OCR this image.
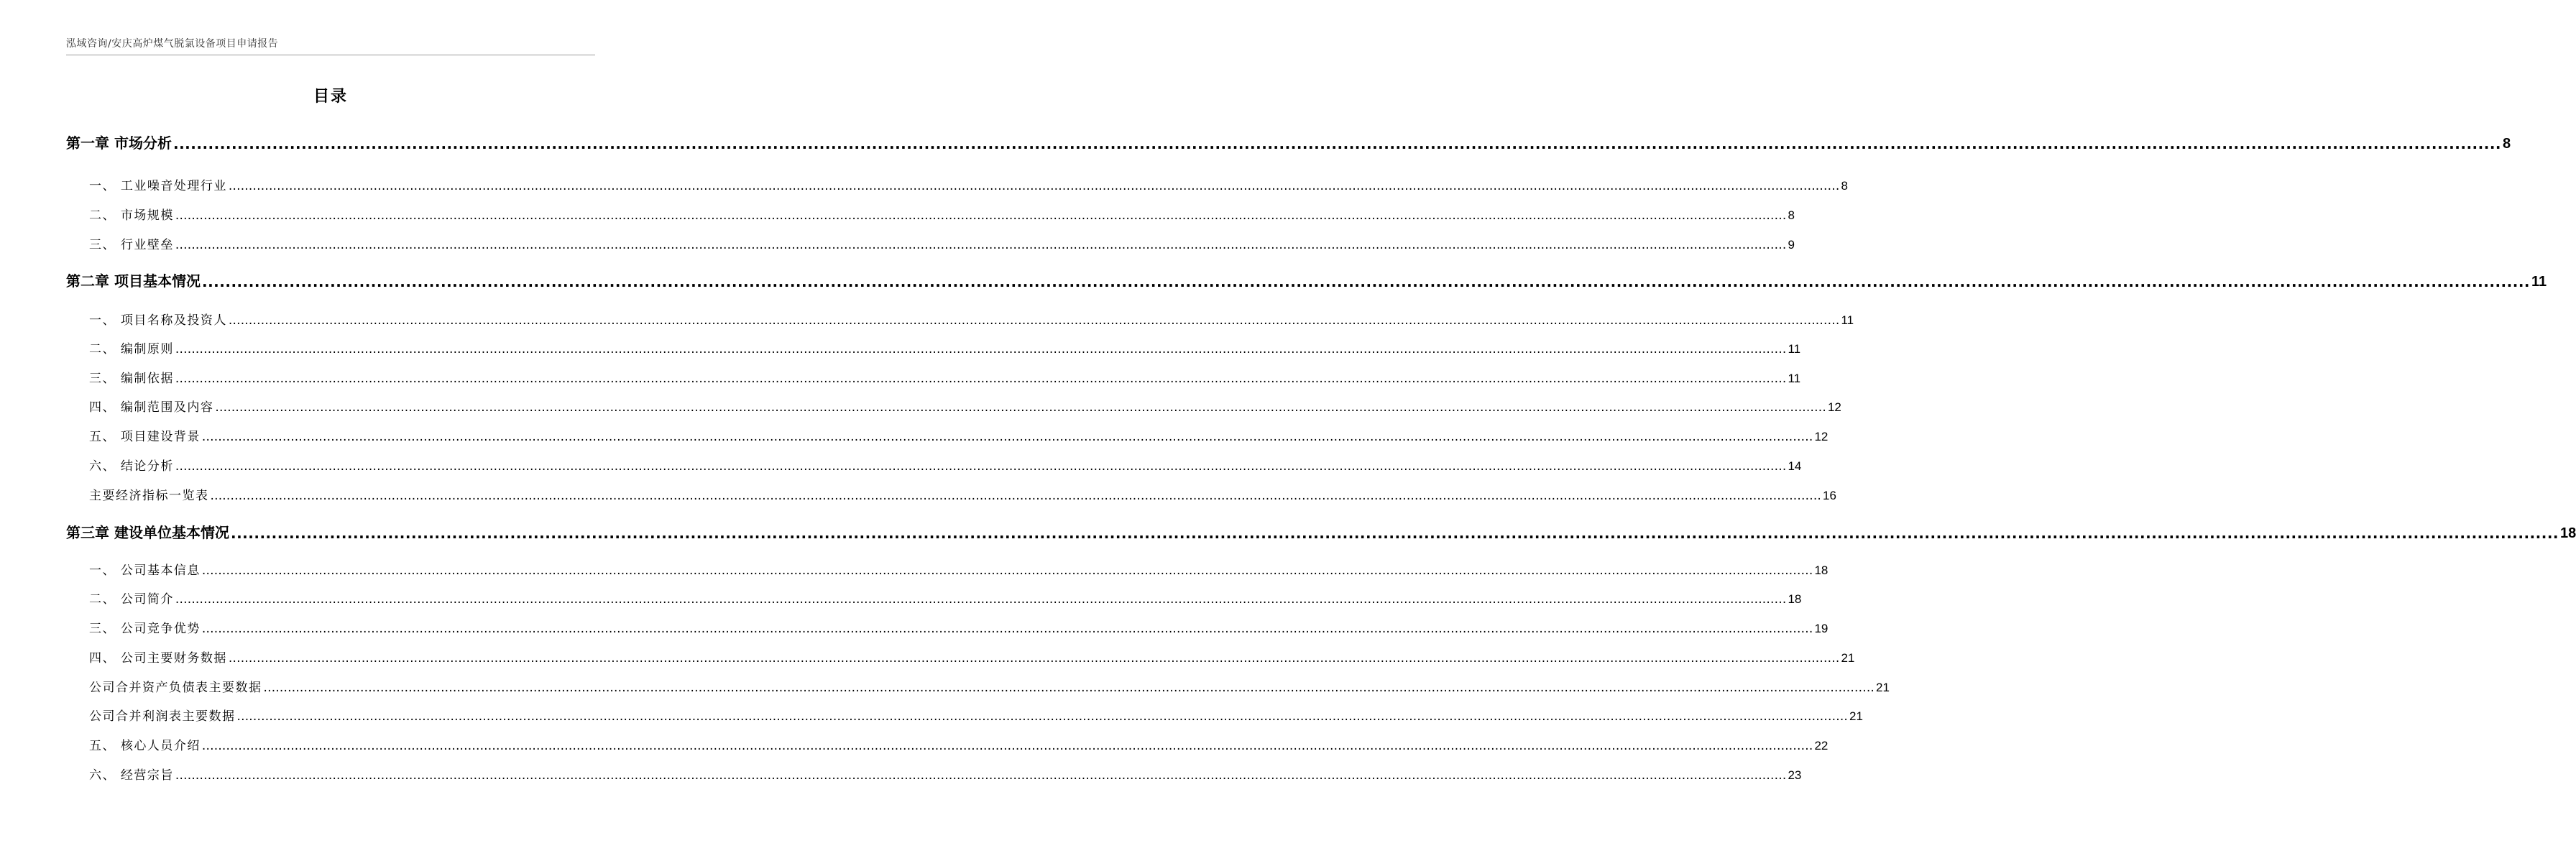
泓域咨询/安庆高炉煤气脱氯设备项目申请报告
目录
第一章 市场分析 ................................................................................................................................................................................................................................................................................................................................................................................................................ 8
一、 工业噪音处理行业 ................................................................................................................................................................................................................................................................................................................................................................................................................ 8
二、 市场规模 ................................................................................................................................................................................................................................................................................................................................................................................................................ 8
三、 行业壁垒 ................................................................................................................................................................................................................................................................................................................................................................................................................ 9
第二章 项目基本情况 ................................................................................................................................................................................................................................................................................................................................................................................................................ 11
一、 项目名称及投资人 ................................................................................................................................................................................................................................................................................................................................................................................................................ 11
二、 编制原则 ................................................................................................................................................................................................................................................................................................................................................................................................................ 11
三、 编制依据 ................................................................................................................................................................................................................................................................................................................................................................................................................ 11
四、 编制范围及内容 ................................................................................................................................................................................................................................................................................................................................................................................................................ 12
五、 项目建设背景 ................................................................................................................................................................................................................................................................................................................................................................................................................ 12
六、 结论分析 ................................................................................................................................................................................................................................................................................................................................................................................................................ 14
主要经济指标一览表 ................................................................................................................................................................................................................................................................................................................................................................................................................ 16
第三章 建设单位基本情况 ................................................................................................................................................................................................................................................................................................................................................................................................................ 18
一、 公司基本信息 ................................................................................................................................................................................................................................................................................................................................................................................................................ 18
二、 公司简介 ................................................................................................................................................................................................................................................................................................................................................................................................................ 18
三、 公司竞争优势 ................................................................................................................................................................................................................................................................................................................................................................................................................ 19
四、 公司主要财务数据 ................................................................................................................................................................................................................................................................................................................................................................................................................ 21
公司合并资产负债表主要数据 ................................................................................................................................................................................................................................................................................................................................................................................................................ 21
公司合并利润表主要数据 ................................................................................................................................................................................................................................................................................................................................................................................................................ 21
五、 核心人员介绍 ................................................................................................................................................................................................................................................................................................................................................................................................................ 22
六、 经营宗旨 ................................................................................................................................................................................................................................................................................................................................................................................................................ 23
